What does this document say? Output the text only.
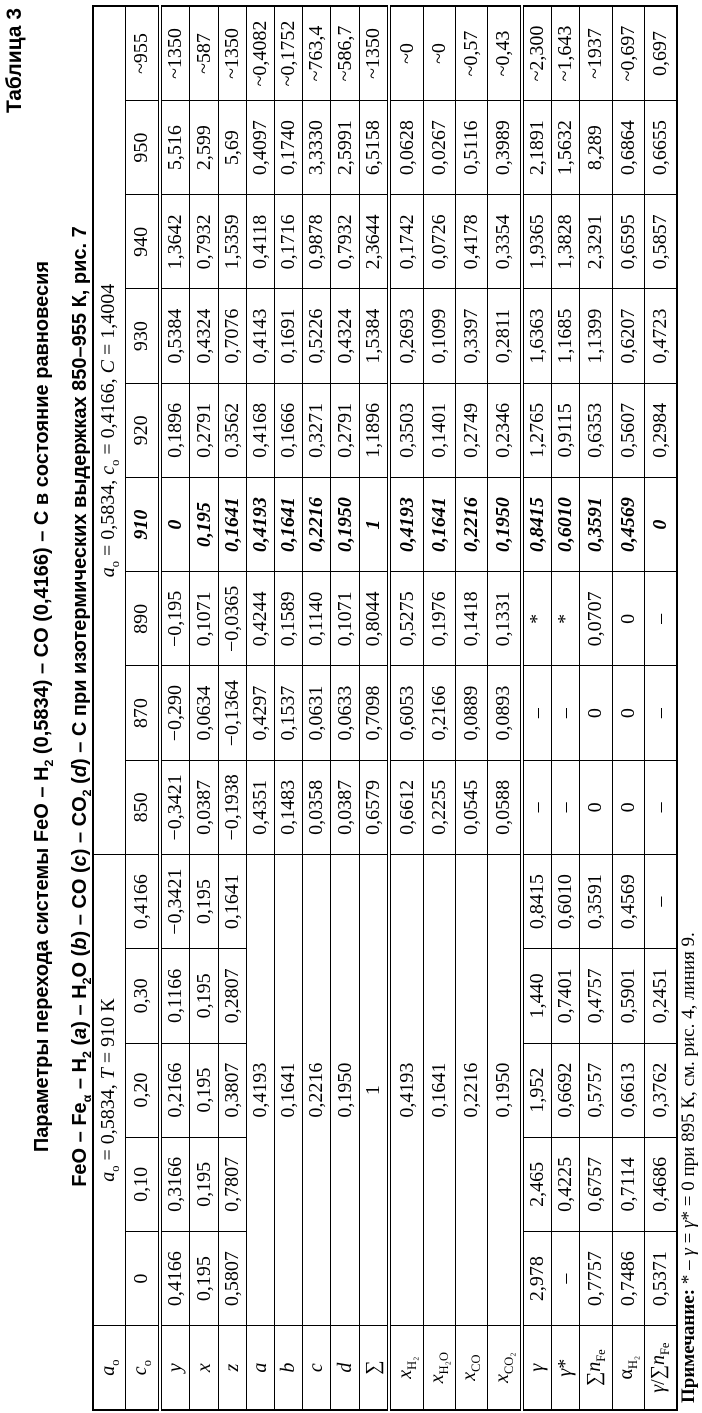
Таблица 3
Параметры перехода системы FeO – $H_2$ (0,5834) – CO (0,4166) – C в состояние равновесия
FeO – $Fe_\alpha - H_2$ $(a) - H_2O$ (b) – CO $(c) - CO_2$ (d) – C при изотермических выдержках 850–955 К, рис. 7
$a_o$	$a_o = 0,5834$, T = 910 К					$a_o = 0,5834$, $c_o = 0,4166$, C = 1,4004								
$c_o$	0	0,10	0,20	0,30	0,4166	850	870	890	910	920	930	940	950	~955
y	0,4166	0,3166	0,2166	0,1166	−0,3421	−0,3421	−0,290	−0,195	0	0,1896	0,5384	1,3642	5,516	~1350
x	0,195	0,195	0,195	0,195	0,195	0,0387	0,0634	0,1071	0,195	0,2791	0,4324	0,7932	2,599	~587
z	0,5807	0,7807	0,3807	0,2807	0,1641	−0,1938	−0,1364	−0,0365	0,1641	0,3562	0,7076	1,5359	5,69	~1350
a	0,4193					0,4351	0,4297	0,4244	0,4193	0,4168	0,4143	0,4118	0,4097	~0,4082
b	0,1641					0,1483	0,1537	0,1589	0,1641	0,1666	0,1691	0,1716	0,1740	~0,1752
c	0,2216					0,0358	0,0631	0,1140	0,2216	0,3271	0,5226	0,9878	3,3330	~763,4
d	0,1950					0,0387	0,0633	0,1071	0,1950	0,2791	0,4324	0,7932	2,5991	~586,7
∑	1					0,6579	0,7098	0,8044	1	1,1896	1,5384	2,3644	6,5158	~1350
$x_{H_2}$	0,4193					0,6612	0,6053	0,5275	0,4193	0,3503	0,2693	0,1742	0,0628	~0
$x_{H_2O}$	0,1641					0,2255	0,2166	0,1976	0,1641	0,1401	0,1099	0,0726	0,0267	~0
$x_{CO}$	0,2216					0,0545	0,0889	0,1418	0,2216	0,2749	0,3397	0,4178	0,5116	~0,57
$x_{CO_2}$	0,1950					0,0588	0,0893	0,1331	0,1950	0,2346	0,2811	0,3354	0,3989	~0,43
γ	2,978	2,465	1,952	1,440	0,8415	–	–	*	0,8415	1,2765	1,6363	1,9365	2,1891	~2,300
γ*	–	0,4225	0,6692	0,7401	0,6010	–	–	*	0,6010	0,9115	1,1685	1,3828	1,5632	~1,643
$\sum n_{Fe}$	0,7757	0,6757	0,5757	0,4757	0,3591	0	0	0,0707	0,3591	0,6353	1,1399	2,3291	8,289	~1937
$\alpha_{H_2}$	0,7486	0,7114	0,6613	0,5901	0,4569	0	0	0	0,4569	0,5607	0,6207	0,6595	0,6864	~0,697
$\gamma/\sum n_{Fe}$	0,5371	0,4686	0,3762	0,2451	–	–	–	–	0	0,2984	0,4723	0,5857	0,6655	0,697
Примечание: * – γ = γ* = 0 при 895 К, см. рис. 4, линия 9.
